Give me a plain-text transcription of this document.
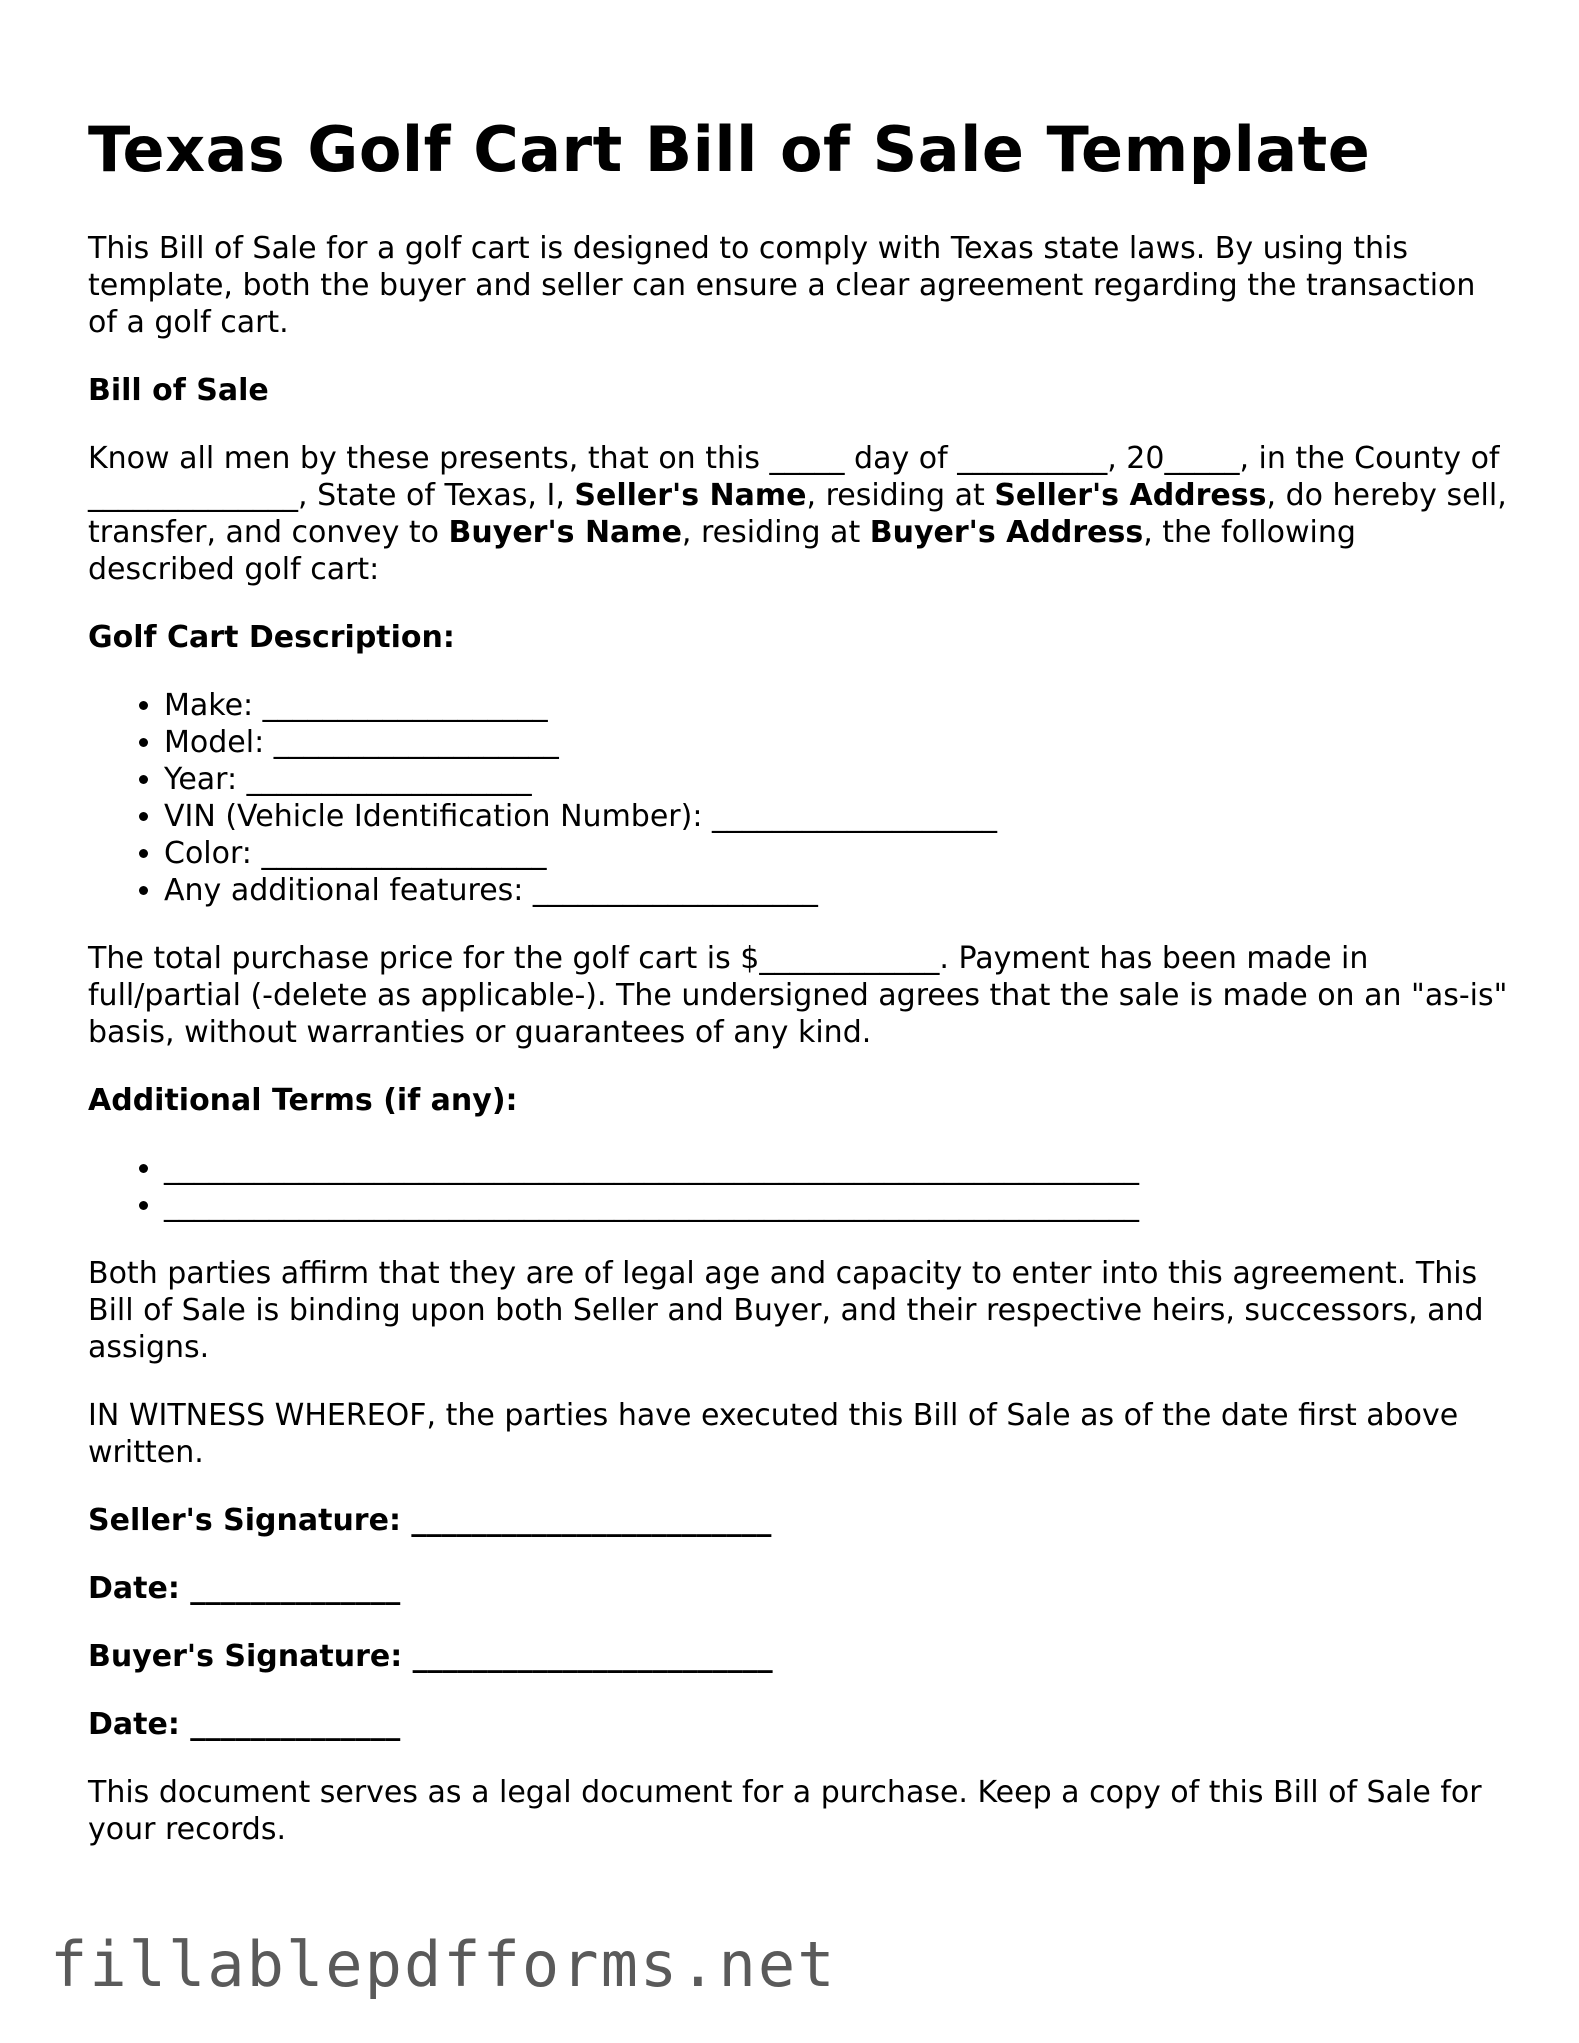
Texas Golf Cart Bill of Sale Template

This Bill of Sale for a golf cart is designed to comply with Texas state laws. By using this template, both the buyer and seller can ensure a clear agreement regarding the transaction of a golf cart.

Bill of Sale

Know all men by these presents, that on this _____ day of __________, 20_____, in the County of ______________, State of Texas, I, Seller's Name, residing at Seller's Address, do hereby sell, transfer, and convey to Buyer's Name, residing at Buyer's Address, the following described golf cart:

Golf Cart Description:

• Make: ___________________
• Model: ___________________
• Year: ___________________
• VIN (Vehicle Identification Number): ___________________
• Color: ___________________
• Any additional features: ___________________

The total purchase price for the golf cart is $____________. Payment has been made in full/partial (-delete as applicable-). The undersigned agrees that the sale is made on an "as-is" basis, without warranties or guarantees of any kind.

Additional Terms (if any):

• _________________________________________________________________
• _________________________________________________________________

Both parties affirm that they are of legal age and capacity to enter into this agreement. This Bill of Sale is binding upon both Seller and Buyer, and their respective heirs, successors, and assigns.

IN WITNESS WHEREOF, the parties have executed this Bill of Sale as of the date first above written.

Seller's Signature: ________________________

Date: ______________

Buyer's Signature: ________________________

Date: ______________

This document serves as a legal document for a purchase. Keep a copy of this Bill of Sale for your records.

fillablepdfforms.net
